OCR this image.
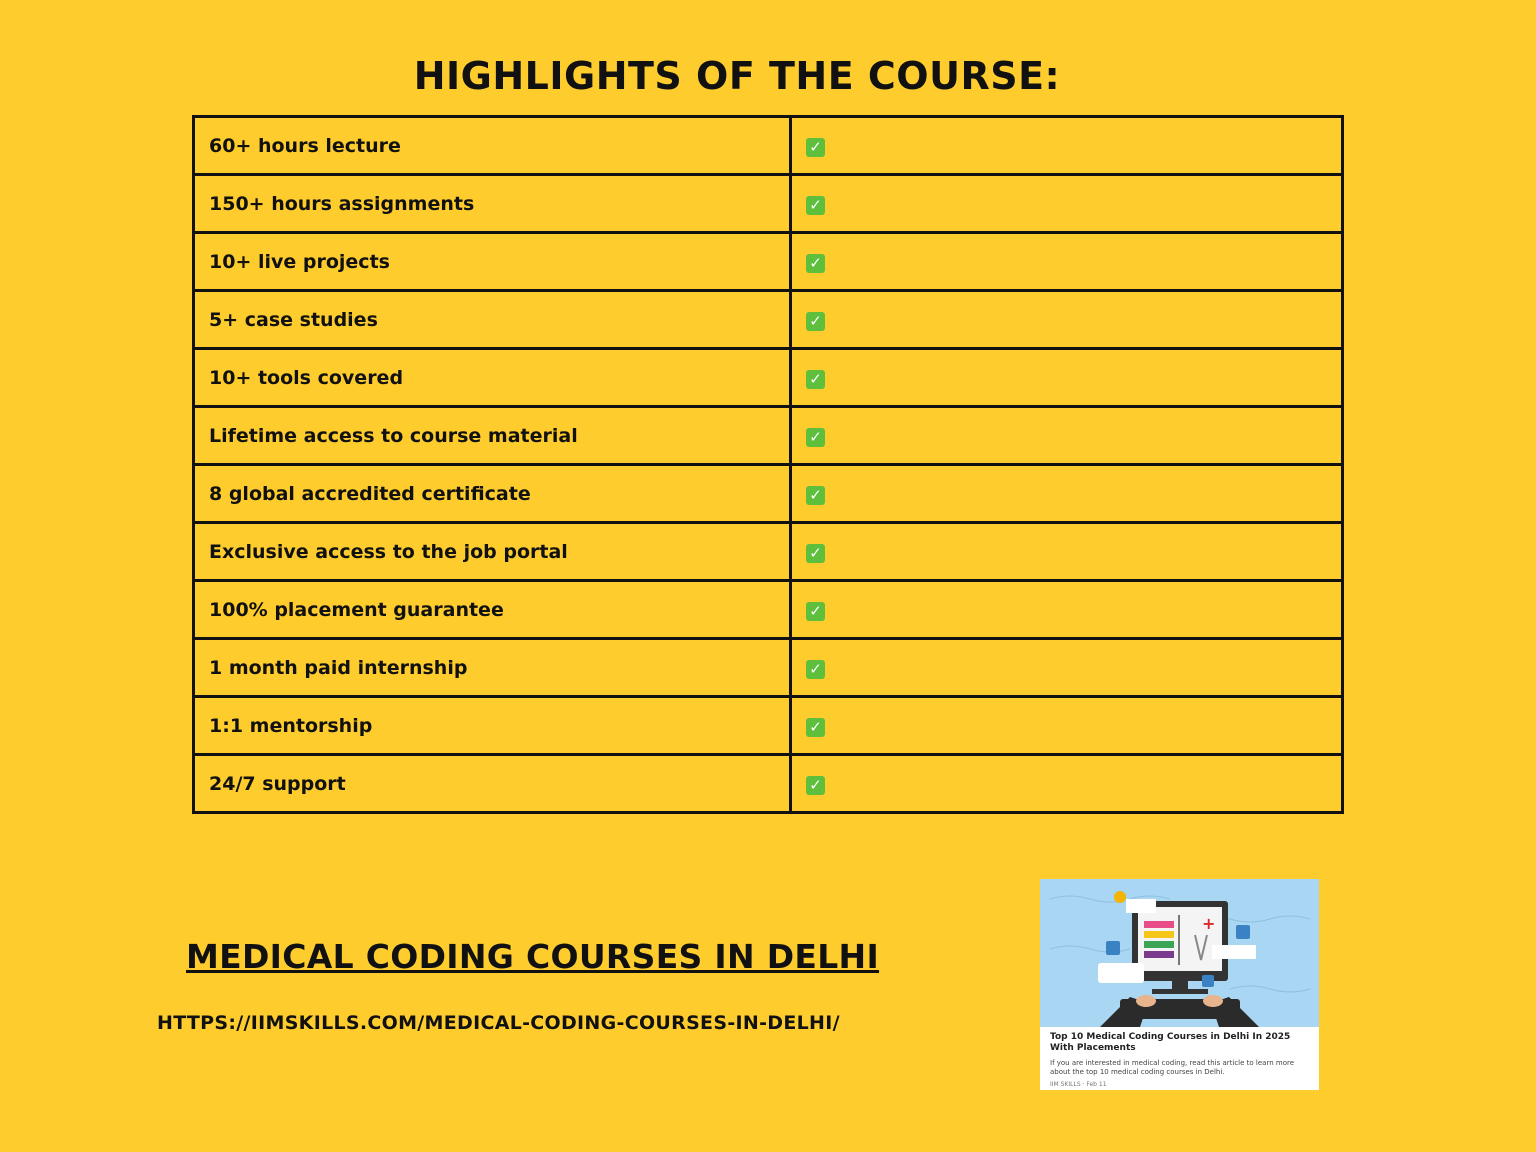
HIGHLIGHTS OF THE COURSE:
60+ hours lecture	✓
150+ hours assignments	✓
10+ live projects	✓
5+ case studies	✓
10+ tools covered	✓
Lifetime access to course material	✓
8 global accredited certificate	✓
Exclusive access to the job portal	✓
100% placement guarantee	✓
1 month paid internship	✓
1:1 mentorship	✓
24/7 support	✓
MEDICAL CODING COURSES IN DELHI
HTTPS://IIMSKILLS.COM/MEDICAL-CODING-COURSES-IN-DELHI/
+
Top 10 Medical Coding Courses in Delhi In 2025 With Placements
If you are interested in medical coding, read this article to learn more about the top 10 medical coding courses in Delhi.
IIM SKILLS · Feb 11
